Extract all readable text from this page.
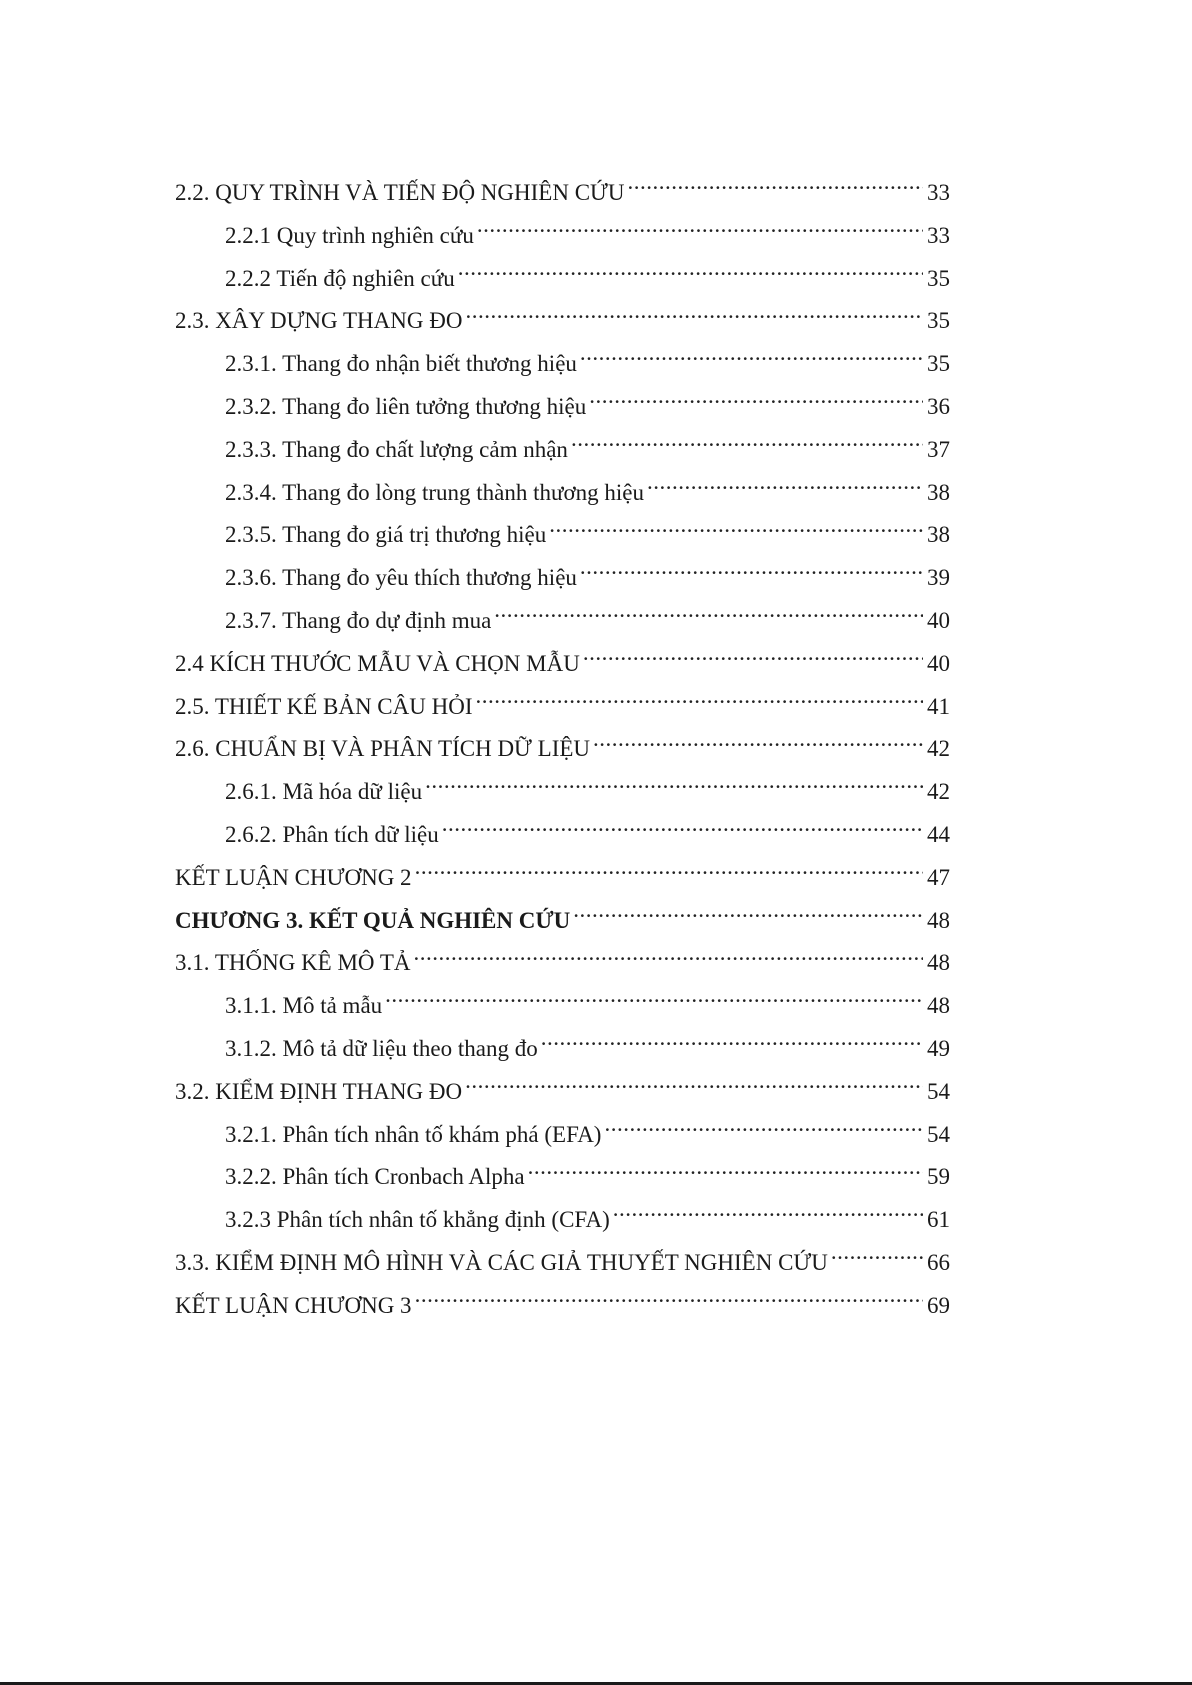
2.2. QUY TRÌNH VÀ TIẾN ĐỘ NGHIÊN CỨU .....	33
2.2.1 Quy trình nghiên cứu .....	33
2.2.2 Tiến độ nghiên cứu .....	35
2.3. XÂY DỰNG THANG ĐO .....	35
2.3.1. Thang đo nhận biết thương hiệu .....	35
2.3.2. Thang đo liên tưởng thương hiệu .....	36
2.3.3. Thang đo chất lượng cảm nhận .....	37
2.3.4. Thang đo lòng trung thành thương hiệu .....	38
2.3.5. Thang đo giá trị thương hiệu .....	38
2.3.6. Thang đo yêu thích thương hiệu .....	39
2.3.7. Thang đo dự định mua .....	40
2.4 KÍCH THƯỚC MẪU VÀ CHỌN MẪU .....	40
2.5. THIẾT KẾ BẢN CÂU HỎI .....	41
2.6. CHUẨN BỊ VÀ PHÂN TÍCH DỮ LIỆU .....	42
2.6.1. Mã hóa dữ liệu .....	42
2.6.2. Phân tích dữ liệu .....	44
KẾT LUẬN CHƯƠNG 2 .....	47
CHƯƠNG 3. KẾT QUẢ NGHIÊN CỨU .....	48
3.1. THỐNG KÊ MÔ TẢ .....	48
3.1.1. Mô tả mẫu .....	48
3.1.2. Mô tả dữ liệu theo thang đo .....	49
3.2. KIỂM ĐỊNH THANG ĐO .....	54
3.2.1. Phân tích nhân tố khám phá (EFA) .....	54
3.2.2. Phân tích Cronbach Alpha .....	59
3.2.3 Phân tích nhân tố khẳng định (CFA) .....	61
3.3. KIỂM ĐỊNH MÔ HÌNH VÀ CÁC GIẢ THUYẾT NGHIÊN CỨU .....	66
KẾT LUẬN CHƯƠNG 3 .....	69
